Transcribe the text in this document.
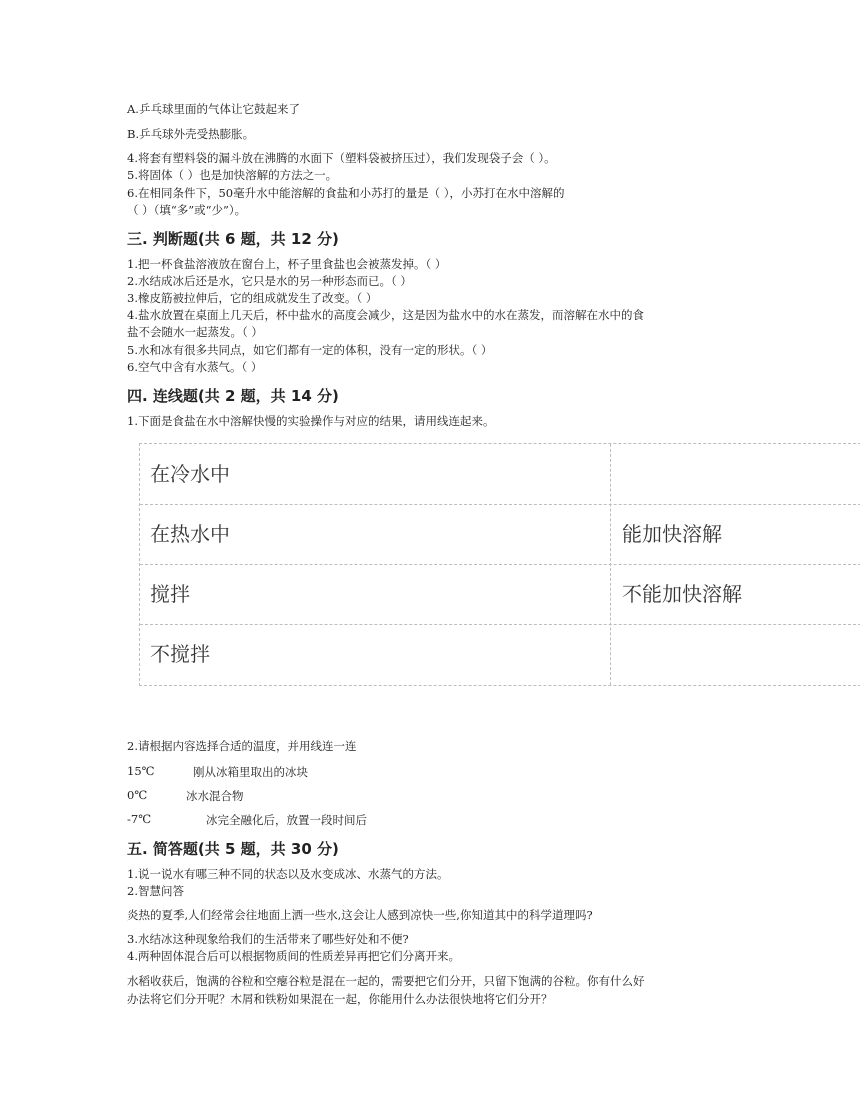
A.乒乓球里面的气体让它鼓起来了
B.乒乓球外壳受热膨胀。
4.将套有塑料袋的漏斗放在沸腾的水面下（塑料袋被挤压过），我们发现袋子会（ ）。
5.将固体（ ）也是加快溶解的方法之一。
6.在相同条件下，50毫升水中能溶解的食盐和小苏打的量是（ ），小苏打在水中溶解的
（ ）（填“多”或“少”）。
三. 判断题(共 6 题，共 12 分)
1.把一杯食盐溶液放在窗台上，杯子里食盐也会被蒸发掉。（ ）
2.水结成冰后还是水，它只是水的另一种形态而已。（ ）
3.橡皮筋被拉伸后，它的组成就发生了改变。（ ）
4.盐水放置在桌面上几天后，杯中盐水的高度会减少，这是因为盐水中的水在蒸发，而溶解在水中的食
盐不会随水一起蒸发。（ ）
5.水和冰有很多共同点，如它们都有一定的体积，没有一定的形状。（ ）
6.空气中含有水蒸气。（ ）
四. 连线题(共 2 题，共 14 分)
1.下面是食盐在水中溶解快慢的实验操作与对应的结果，请用线连起来。
在冷水中
在热水中	能加快溶解
搅拌	不能加快溶解
不搅拌
2.请根据内容选择合适的温度，并用线连一连
15℃	刚从冰箱里取出的冰块
0℃	冰水混合物
-7℃	冰完全融化后，放置一段时间后
五. 简答题(共 5 题，共 30 分)
1.说一说水有哪三种不同的状态以及水变成冰、水蒸气的方法。
2.智慧问答
炎热的夏季,人们经常会往地面上洒一些水,这会让人感到凉快一些,你知道其中的科学道理吗?
3.水结冰这种现象给我们的生活带来了哪些好处和不便?
4.两种固体混合后可以根据物质间的性质差异再把它们分离开来。
水稻收获后，饱满的谷粒和空瘪谷粒是混在一起的，需要把它们分开，只留下饱满的谷粒。你有什么好
办法将它们分开呢？木屑和铁粉如果混在一起，你能用什么办法很快地将它们分开？
